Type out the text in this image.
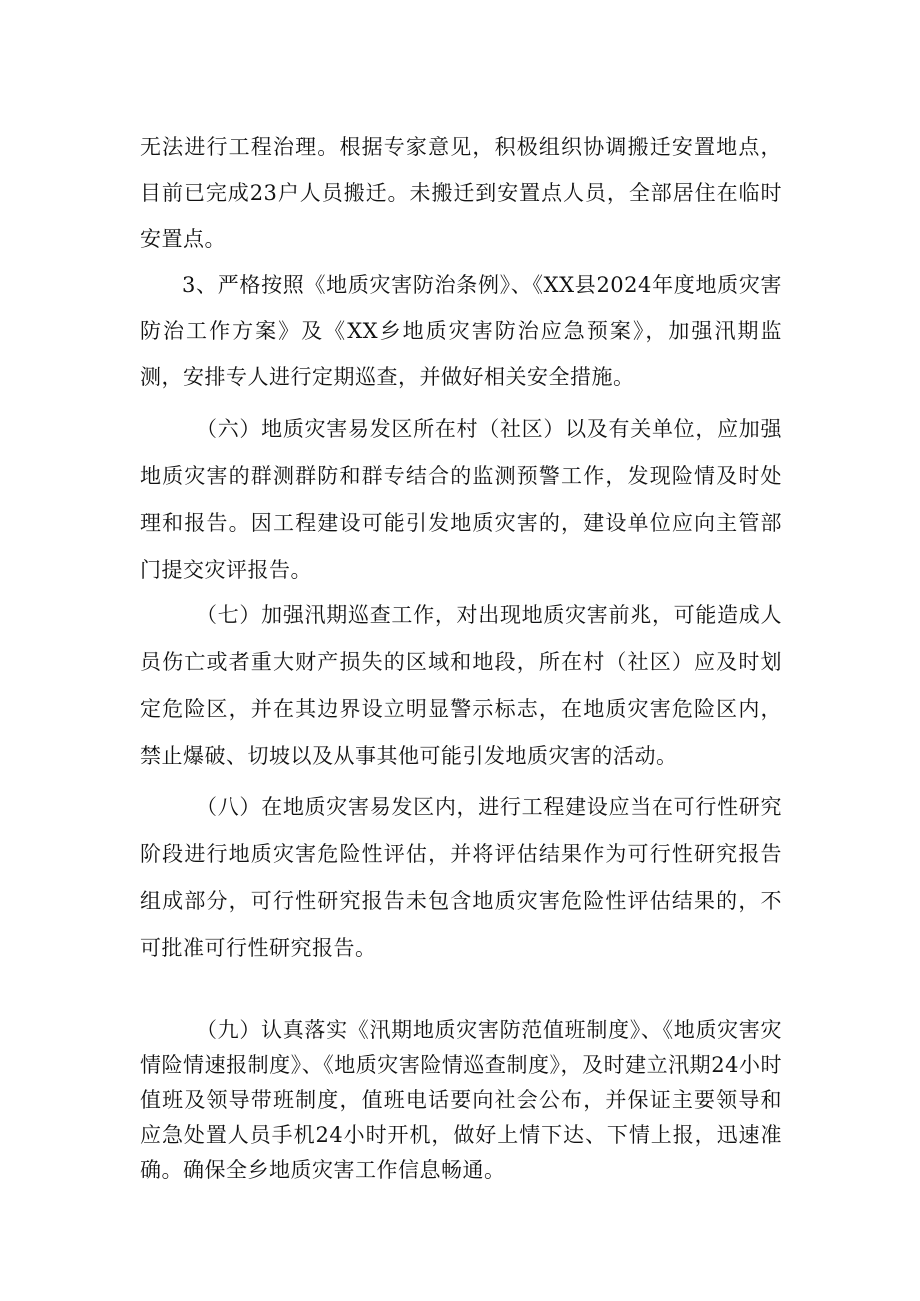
无法进行工程治理。根据专家意见，积极组织协调搬迁安置地点，目前已完成23户人员搬迁。未搬迁到安置点人员，全部居住在临时安置点。

3、严格按照《地质灾害防治条例》、《XX县2024年度地质灾害防治工作方案》及《XX乡地质灾害防治应急预案》，加强汛期监测，安排专人进行定期巡查，并做好相关安全措施。

（六）地质灾害易发区所在村（社区）以及有关单位，应加强地质灾害的群测群防和群专结合的监测预警工作，发现险情及时处理和报告。因工程建设可能引发地质灾害的，建设单位应向主管部门提交灾评报告。

（七）加强汛期巡查工作，对出现地质灾害前兆，可能造成人员伤亡或者重大财产损失的区域和地段，所在村（社区）应及时划定危险区，并在其边界设立明显警示标志，在地质灾害危险区内，禁止爆破、切坡以及从事其他可能引发地质灾害的活动。

（八）在地质灾害易发区内，进行工程建设应当在可行性研究阶段进行地质灾害危险性评估，并将评估结果作为可行性研究报告组成部分，可行性研究报告未包含地质灾害危险性评估结果的，不可批准可行性研究报告。

（九）认真落实《汛期地质灾害防范值班制度》、《地质灾害灾情险情速报制度》、《地质灾害险情巡查制度》，及时建立汛期24小时值班及领导带班制度，值班电话要向社会公布，并保证主要领导和应急处置人员手机24小时开机，做好上情下达、下情上报，迅速准确。确保全乡地质灾害工作信息畅通。
